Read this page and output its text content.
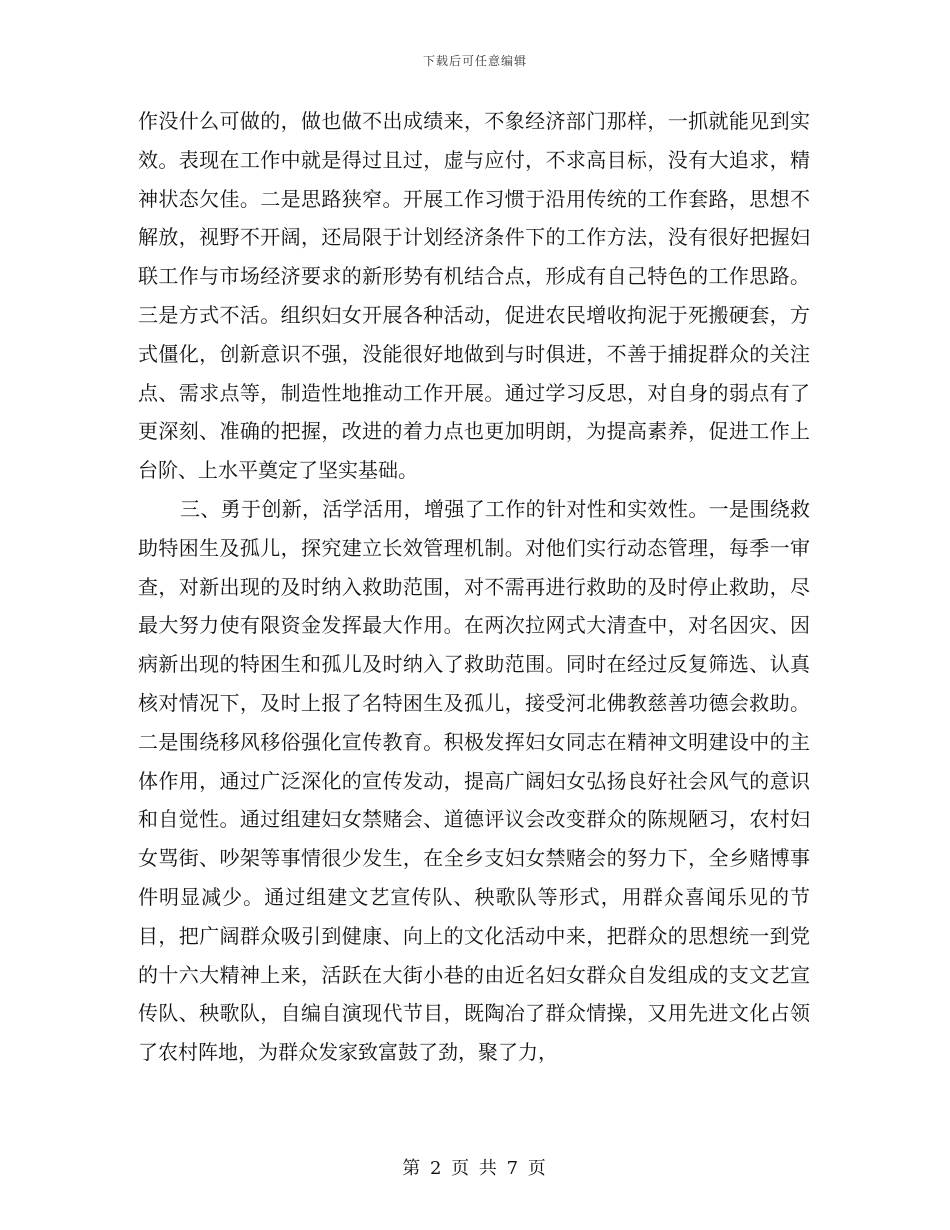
下载后可任意编辑

作没什么可做的，做也做不出成绩来，不象经济部门那样，一抓就能见到实效。表现在工作中就是得过且过，虚与应付，不求高目标，没有大追求，精神状态欠佳。二是思路狭窄。开展工作习惯于沿用传统的工作套路，思想不解放，视野不开阔，还局限于计划经济条件下的工作方法，没有很好把握妇联工作与市场经济要求的新形势有机结合点，形成有自己特色的工作思路。三是方式不活。组织妇女开展各种活动，促进农民增收拘泥于死搬硬套，方式僵化，创新意识不强，没能很好地做到与时俱进，不善于捕捉群众的关注点、需求点等，制造性地推动工作开展。通过学习反思，对自身的弱点有了更深刻、准确的把握，改进的着力点也更加明朗，为提高素养，促进工作上台阶、上水平奠定了坚实基础。

三、勇于创新，活学活用，增强了工作的针对性和实效性。一是围绕救助特困生及孤儿，探究建立长效管理机制。对他们实行动态管理，每季一审查，对新出现的及时纳入救助范围，对不需再进行救助的及时停止救助，尽最大努力使有限资金发挥最大作用。在两次拉网式大清查中，对名因灾、因病新出现的特困生和孤儿及时纳入了救助范围。同时在经过反复筛选、认真核对情况下，及时上报了名特困生及孤儿，接受河北佛教慈善功德会救助。二是围绕移风移俗强化宣传教育。积极发挥妇女同志在精神文明建设中的主体作用，通过广泛深化的宣传发动，提高广阔妇女弘扬良好社会风气的意识和自觉性。通过组建妇女禁赌会、道德评议会改变群众的陈规陋习，农村妇女骂街、吵架等事情很少发生，在全乡支妇女禁赌会的努力下，全乡赌博事件明显减少。通过组建文艺宣传队、秧歌队等形式，用群众喜闻乐见的节目，把广阔群众吸引到健康、向上的文化活动中来，把群众的思想统一到党的十六大精神上来，活跃在大街小巷的由近名妇女群众自发组成的支文艺宣传队、秧歌队，自编自演现代节目，既陶冶了群众情操，又用先进文化占领了农村阵地，为群众发家致富鼓了劲，聚了力，

第 2 页 共 7 页
